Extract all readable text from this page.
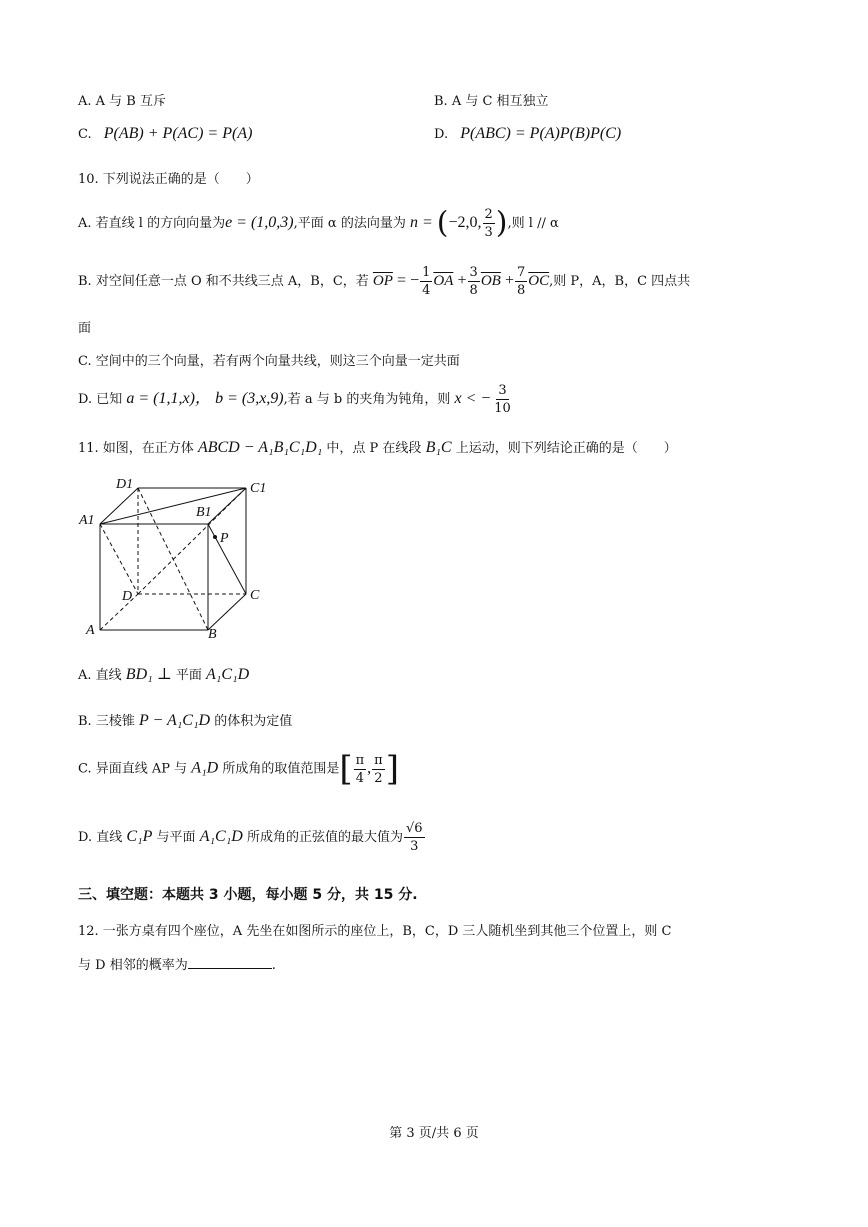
A. A 与 B 互斥	B. A 与 C 相互独立
C. P(AB) + P(AC) = P(A)	D. P(ABC) = P(A)P(B)P(C)
10. 下列说法正确的是（　　）
A. 若直线 l 的方向向量为e = (1,0,3),平面 α 的法向量为 n = (−2,0, $\frac{2}{3}$ ),则 l // α
B. 对空间任意一点 O 和不共线三点 A，B，C，若 $\overline{OP}$ = − $\frac{1}{4} \overline{OA} + \frac{3}{8} \overline{OB} + \frac{7}{8} \overline{OC}$,则 P，A，B，C 四点共
面
C. 空间中的三个向量，若有两个向量共线，则这三个向量一定共面
D. 已知 a = (1,1,x)， b = (3,x,9),若 a 与 b 的夹角为钝角，则 x < − $\frac{3}{10}$
11. 如图，在正方体 ABCD − A₁B₁C₁D₁ 中，点 P 在线段 B₁C 上运动，则下列结论正确的是（　　）
D1	C1
A1
B1
P
D	C
A	B
A. 直线 BD₁ ⊥ 平面 A₁C₁D
B. 三棱锥 P − A₁C₁D 的体积为定值
C. 异面直线 AP 与 A₁D 所成角的取值范围是[ $\frac{\pi}{4}$ , $\frac{\pi}{2}$ ]
D. 直线 C₁P 与平面 A₁C₁D 所成角的正弦值的最大值为 $\frac{√6}{3}$
三、填空题：本题共 3 小题，每小题 5 分，共 15 分.
12. 一张方桌有四个座位，A 先坐在如图所示的座位上，B，C，D 三人随机坐到其他三个位置上，则 C
与 D 相邻的概率为	.
第 3 页/共 6 页
